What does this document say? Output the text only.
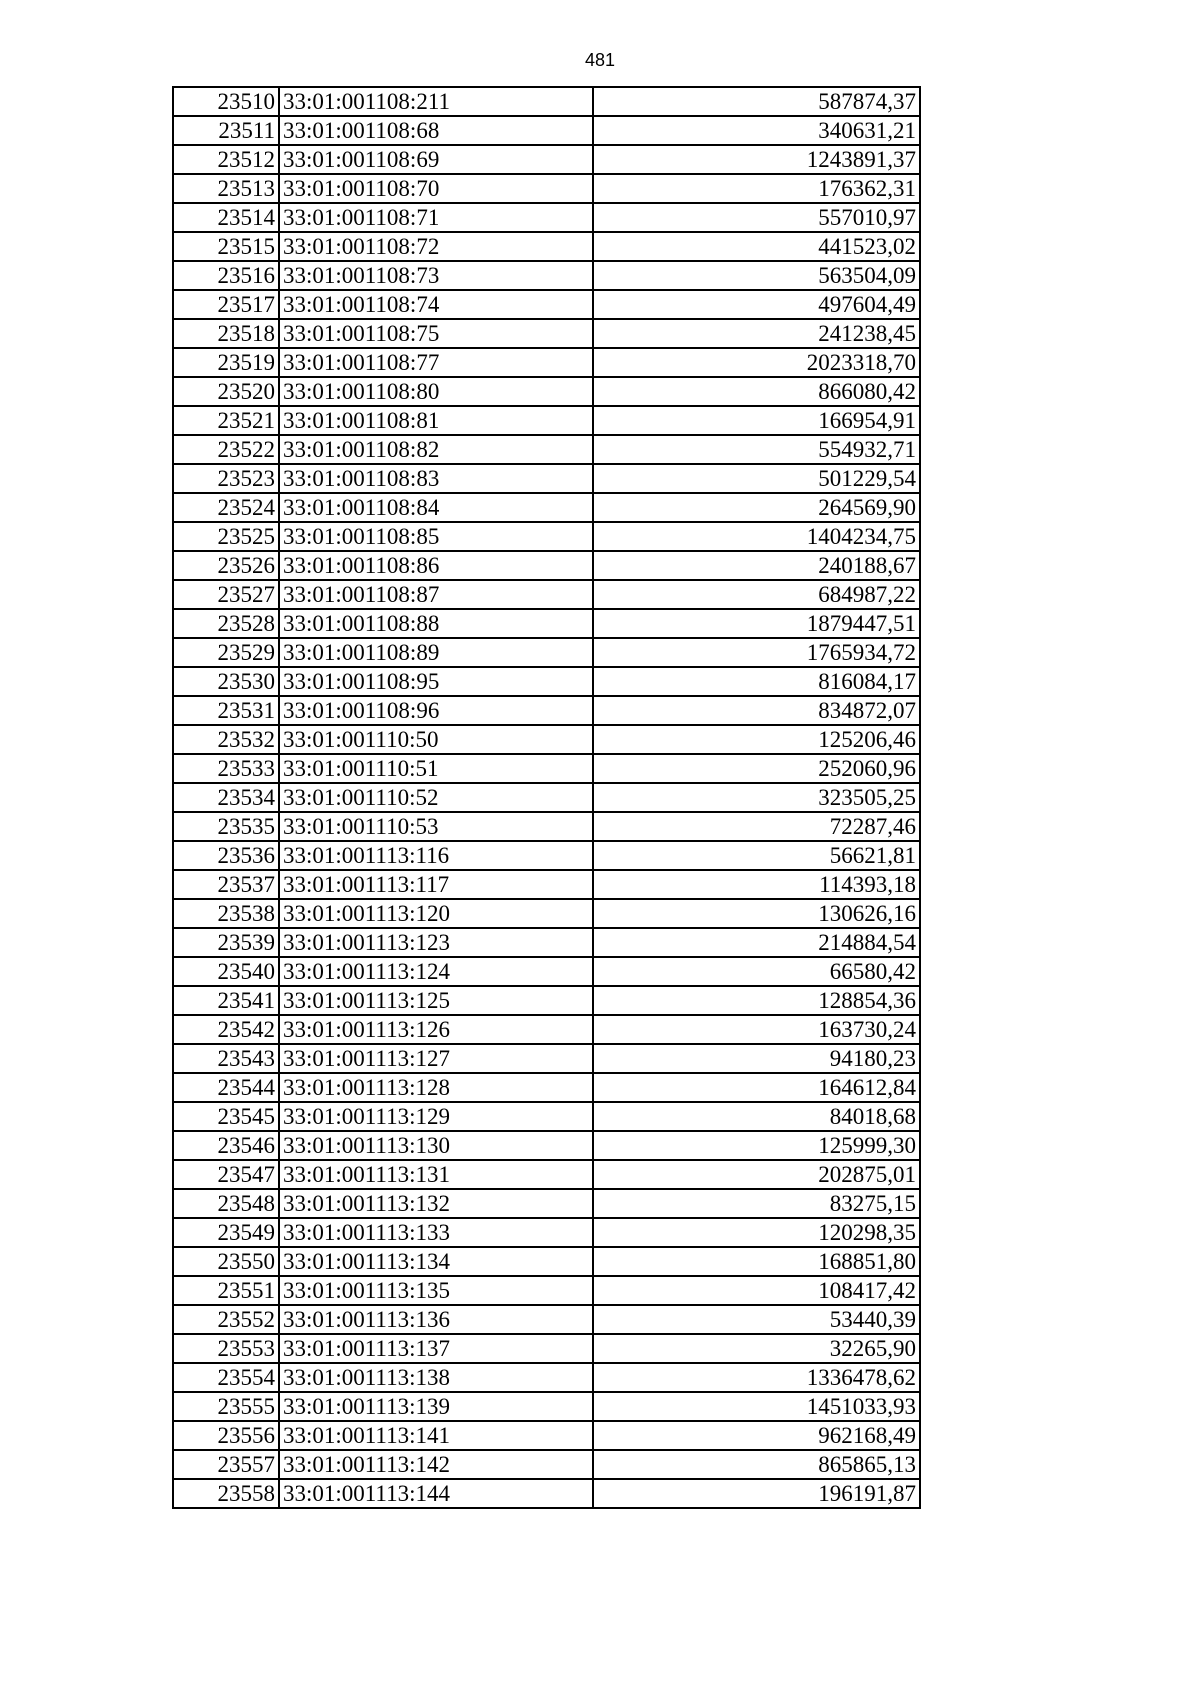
481
23510	33:01:001108:211	587874,37
23511	33:01:001108:68	340631,21
23512	33:01:001108:69	1243891,37
23513	33:01:001108:70	176362,31
23514	33:01:001108:71	557010,97
23515	33:01:001108:72	441523,02
23516	33:01:001108:73	563504,09
23517	33:01:001108:74	497604,49
23518	33:01:001108:75	241238,45
23519	33:01:001108:77	2023318,70
23520	33:01:001108:80	866080,42
23521	33:01:001108:81	166954,91
23522	33:01:001108:82	554932,71
23523	33:01:001108:83	501229,54
23524	33:01:001108:84	264569,90
23525	33:01:001108:85	1404234,75
23526	33:01:001108:86	240188,67
23527	33:01:001108:87	684987,22
23528	33:01:001108:88	1879447,51
23529	33:01:001108:89	1765934,72
23530	33:01:001108:95	816084,17
23531	33:01:001108:96	834872,07
23532	33:01:001110:50	125206,46
23533	33:01:001110:51	252060,96
23534	33:01:001110:52	323505,25
23535	33:01:001110:53	72287,46
23536	33:01:001113:116	56621,81
23537	33:01:001113:117	114393,18
23538	33:01:001113:120	130626,16
23539	33:01:001113:123	214884,54
23540	33:01:001113:124	66580,42
23541	33:01:001113:125	128854,36
23542	33:01:001113:126	163730,24
23543	33:01:001113:127	94180,23
23544	33:01:001113:128	164612,84
23545	33:01:001113:129	84018,68
23546	33:01:001113:130	125999,30
23547	33:01:001113:131	202875,01
23548	33:01:001113:132	83275,15
23549	33:01:001113:133	120298,35
23550	33:01:001113:134	168851,80
23551	33:01:001113:135	108417,42
23552	33:01:001113:136	53440,39
23553	33:01:001113:137	32265,90
23554	33:01:001113:138	1336478,62
23555	33:01:001113:139	1451033,93
23556	33:01:001113:141	962168,49
23557	33:01:001113:142	865865,13
23558	33:01:001113:144	196191,87
